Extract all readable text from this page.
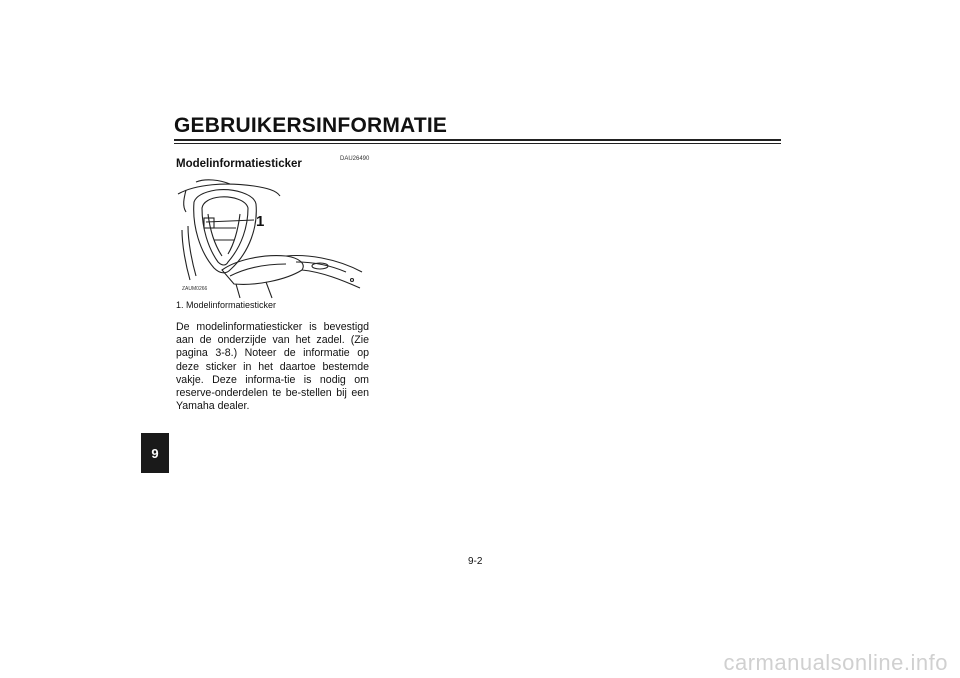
GEBRUIKERSINFORMATIE
9
DAU26490
Modelinformatiesticker
1
ZAUM0266
1. Modelinformatiesticker

De modelinformatiesticker is bevestigd aan de onderzijde van het zadel. (Zie pagina 3-8.) Noteer de informatie op deze sticker in het daartoe bestemde vakje. Deze informa-tie is nodig om reserve-onderdelen te be-stellen bij een Yamaha dealer.

9-2
carmanualsonline.info
